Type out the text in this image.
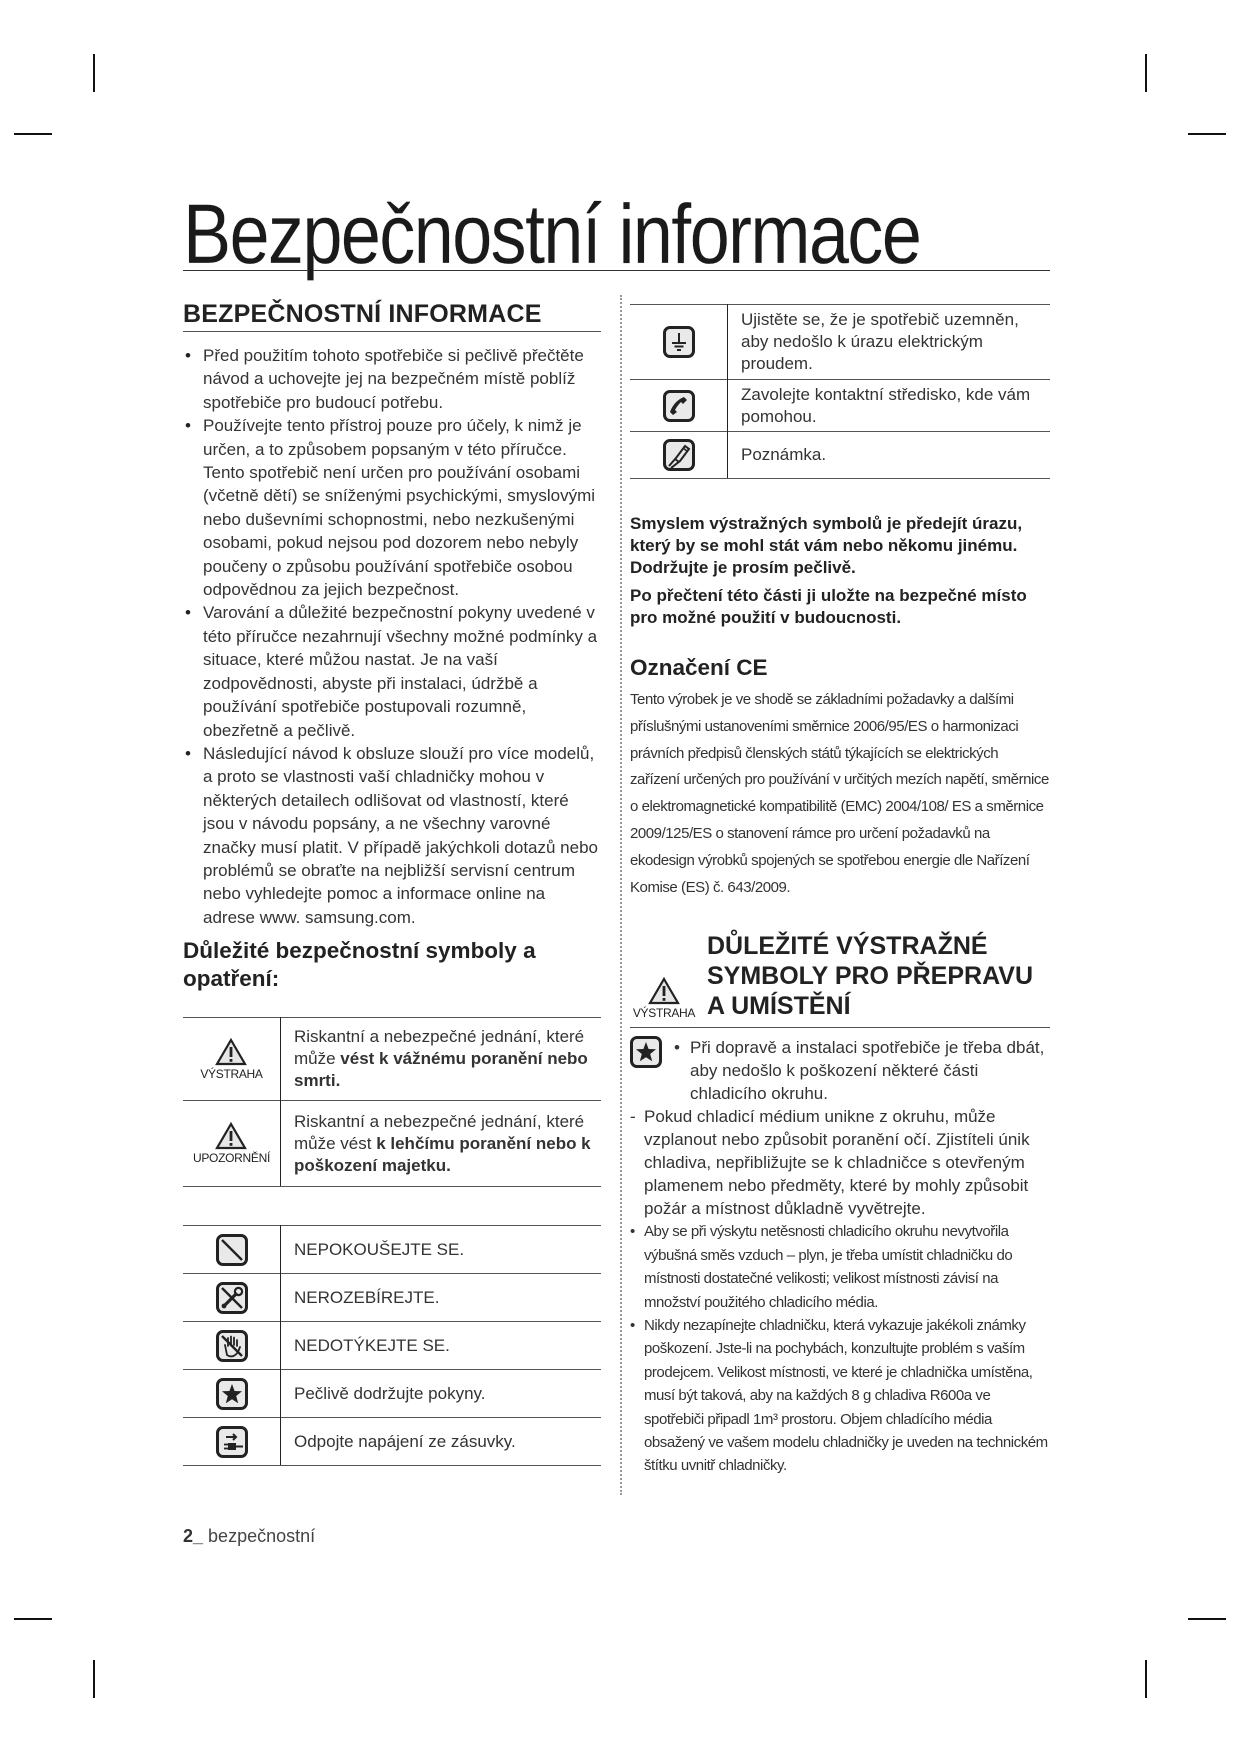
Bezpečnostní informace
BEZPEČNOSTNÍ INFORMACE
• Před použitím tohoto spotřebiče si pečlivě přečtěte návod a uchovejte jej na bezpečném místě poblíž spotřebiče pro budoucí potřebu.
• Používejte tento přístroj pouze pro účely, k nimž je určen, a to způsobem popsaným v této příručce. Tento spotřebič není určen pro používání osobami (včetně dětí) se sníženými psychickými, smyslovými nebo duševními schopnostmi, nebo nezkušenými osobami, pokud nejsou pod dozorem nebo nebyly poučeny o způsobu používání spotřebiče osobou odpovědnou za jejich bezpečnost.
• Varování a důležité bezpečnostní pokyny uvedené v této příručce nezahrnují všechny možné podmínky a situace, které můžou nastat. Je na vaší zodpovědnosti, abyste při instalaci, údržbě a používání spotřebiče postupovali rozumně, obezřetně a pečlivě.
• Následující návod k obsluze slouží pro více modelů, a proto se vlastnosti vaší chladničky mohou v některých detailech odlišovat od vlastností, které jsou v návodu popsány, a ne všechny varovné značky musí platit. V případě jakýchkoli dotazů nebo problémů se obraťte na nejbližší servisní centrum nebo vyhledejte pomoc a informace online na adrese www. samsung.com.
Důležité bezpečnostní symboly a opatření:
VÝSTRAHA	Riskantní a nebezpečné jednání, které může vést k vážnému poranění nebo smrti.

UPOZORNĚNÍ	Riskantní a nebezpečné jednání, které může vést k lehčímu poranění nebo k poškození majetku.
	NEPOKOUŠEJTE SE.

	NEROZEBÍREJTE.

	NEDOTÝKEJTE SE.

	Pečlivě dodržujte pokyny.

	Odpojte napájení ze zásuvky.
	Ujistěte se, že je spotřebič uzemněn, aby nedošlo k úrazu elektrickým proudem.

	Zavolejte kontaktní středisko, kde vám pomohou.

	Poznámka.

Smyslem výstražných symbolů je předejít úrazu, který by se mohl stát vám nebo někomu jinému. Dodržujte je prosím pečlivě.

Po přečtení této části ji uložte na bezpečné místo pro možné použití v budoucnosti.

Označení CE

Tento výrobek je ve shodě se základními požadavky a dalšími příslušnými ustanoveními směrnice 2006/95/ES o harmonizaci právních předpisů členských států týkajících se elektrických zařízení určených pro používání v určitých mezích napětí, směrnice o elektromagnetické kompatibilitě (EMC) 2004/108/ ES a směrnice 2009/125/ES o stanovení rámce pro určení požadavků na ekodesign výrobků spojených se spotřebou energie dle Nařízení Komise (ES) č. 643/2009.

DŮLEŽITÉ VÝSTRAŽNÉ SYMBOLY PRO PŘEPRAVU A UMÍSTĚNÍ
VÝSTRAHA
• Při dopravě a instalaci spotřebiče je třeba dbát, aby nedošlo k poškození některé části chladicího okruhu.
- Pokud chladicí médium unikne z okruhu, může vzplanout nebo způsobit poranění očí. Zjistíteli únik chladiva, nepřibližujte se k chladničce s otevřeným plamenem nebo předměty, které by mohly způsobit požár a místnost důkladně vyvětrejte.
• Aby se při výskytu netěsnosti chladicího okruhu nevytvořila výbušná směs vzduch – plyn, je třeba umístit chladničku do místnosti dostatečné velikosti; velikost místnosti závisí na množství použitého chladicího média.
• Nikdy nezapínejte chladničku, která vykazuje jakékoli známky poškození. Jste-li na pochybách, konzultujte problém s vaším prodejcem. Velikost místnosti, ve které je chladnička umístěna, musí být taková, aby na každých 8 g chladiva R600a ve spotřebiči připadl 1m³ prostoru. Objem chladícího média obsažený ve vašem modelu chladničky je uveden na technickém štítku uvnitř chladničky.
2_ bezpečnostní
